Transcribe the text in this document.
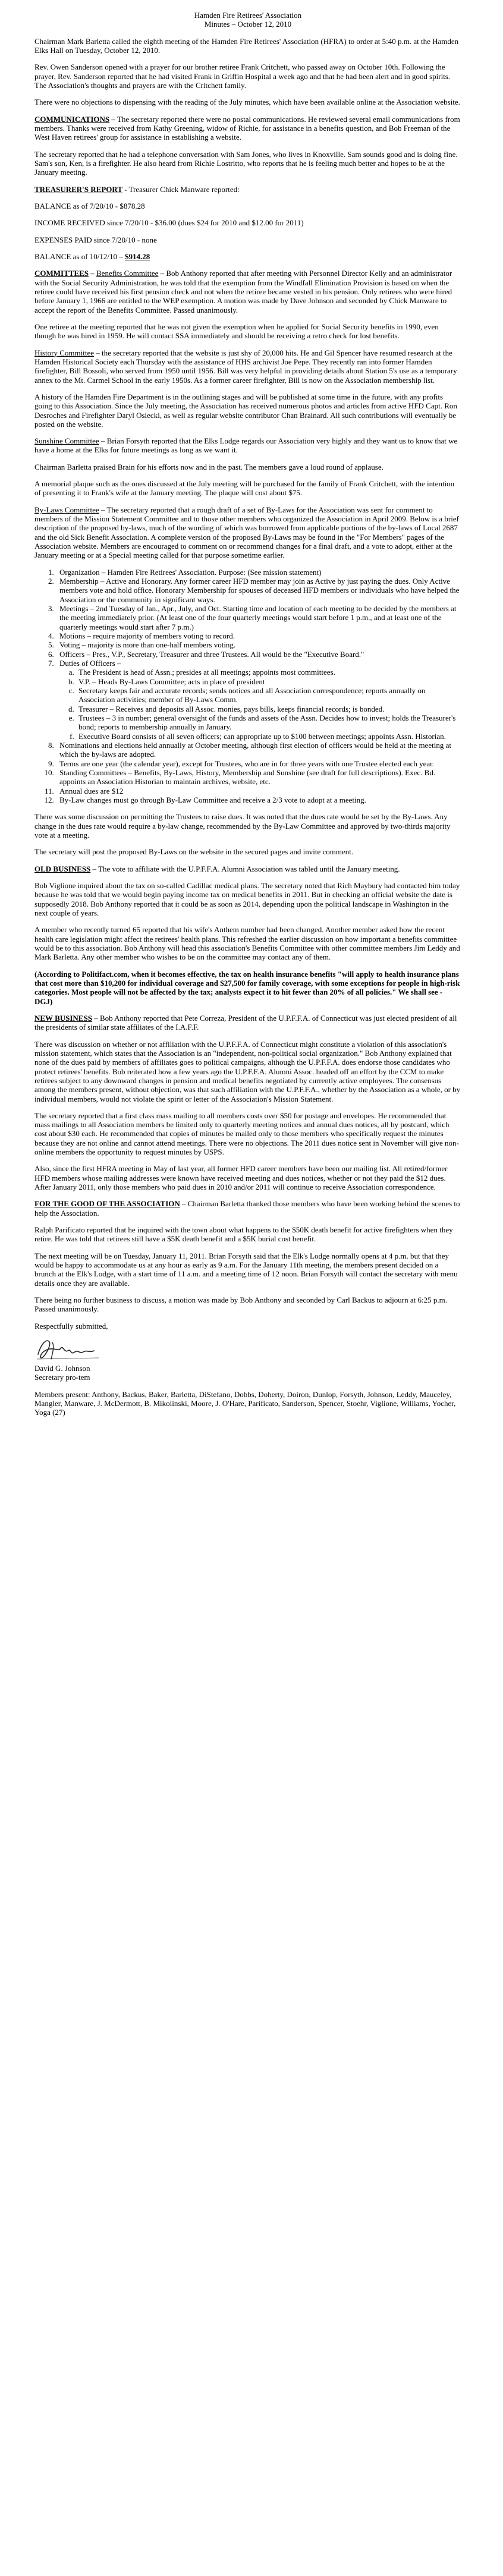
Hamden Fire Retirees' Association
Minutes – October 12, 2010

Chairman Mark Barletta called the eighth meeting of the Hamden Fire Retirees' Association (HFRA) to order at 5:40 p.m. at the Hamden Elks Hall on Tuesday, October 12, 2010.

Rev. Owen Sanderson opened with a prayer for our brother retiree Frank Critchett, who passed away on October 10th. Following the prayer, Rev. Sanderson reported that he had visited Frank in Griffin Hospital a week ago and that he had been alert and in good spirits. The Association's thoughts and prayers are with the Critchett family.

There were no objections to dispensing with the reading of the July minutes, which have been available online at the Association website.

COMMUNICATIONS – The secretary reported there were no postal communications. He reviewed several email communications from members. Thanks were received from Kathy Greening, widow of Richie, for assistance in a benefits question, and Bob Freeman of the West Haven retirees' group for assistance in establishing a website.

The secretary reported that he had a telephone conversation with Sam Jones, who lives in Knoxville. Sam sounds good and is doing fine. Sam's son, Ken, is a firefighter. He also heard from Richie Lostritto, who reports that he is feeling much better and hopes to be at the January meeting.

TREASURER'S REPORT - Treasurer Chick Manware reported:

BALANCE as of 7/20/10 - $878.28

INCOME RECEIVED since 7/20/10 - $36.00 (dues $24 for 2010 and $12.00 for 2011)

EXPENSES PAID since 7/20/10 - none

BALANCE as of 10/12/10 – $914.28

COMMITTEES – Benefits Committee – Bob Anthony reported that after meeting with Personnel Director Kelly and an administrator with the Social Security Administration, he was told that the exemption from the Windfall Elimination Provision is based on when the retiree could have received his first pension check and not when the retiree became vested in his pension. Only retirees who were hired before January 1, 1966 are entitled to the WEP exemption. A motion was made by Dave Johnson and seconded by Chick Manware to accept the report of the Benefits Committee. Passed unanimously.

One retiree at the meeting reported that he was not given the exemption when he applied for Social Security benefits in 1990, even though he was hired in 1959. He will contact SSA immediately and should be receiving a retro check for lost benefits.

History Committee – the secretary reported that the website is just shy of 20,000 hits. He and Gil Spencer have resumed research at the Hamden Historical Society each Thursday with the assistance of HHS archivist Joe Pepe. They recently ran into former Hamden firefighter, Bill Bossoli, who served from 1950 until 1956. Bill was very helpful in providing details about Station 5's use as a temporary annex to the Mt. Carmel School in the early 1950s. As a former career firefighter, Bill is now on the Association membership list.

A history of the Hamden Fire Department is in the outlining stages and will be published at some time in the future, with any profits going to this Association. Since the July meeting, the Association has received numerous photos and articles from active HFD Capt. Ron Desroches and Firefighter Daryl Osiecki, as well as regular website contributor Chan Brainard. All such contributions will eventually be posted on the website.

Sunshine Committee – Brian Forsyth reported that the Elks Lodge regards our Association very highly and they want us to know that we have a home at the Elks for future meetings as long as we want it.

Chairman Barletta praised Brain for his efforts now and in the past. The members gave a loud round of applause.

A memorial plaque such as the ones discussed at the July meeting will be purchased for the family of Frank Critchett, with the intention of presenting it to Frank's wife at the January meeting. The plaque will cost about $75.

By-Laws Committee – The secretary reported that a rough draft of a set of By-Laws for the Association was sent for comment to members of the Mission Statement Committee and to those other members who organized the Association in April 2009. Below is a brief description of the proposed by-laws, much of the wording of which was borrowed from applicable portions of the by-laws of Local 2687 and the old Sick Benefit Association. A complete version of the proposed By-Laws may be found in the "For Members" pages of the Association website. Members are encouraged to comment on or recommend changes for a final draft, and a vote to adopt, either at the January meeting or at a Special meeting called for that purpose sometime earlier.

1. Organization – Hamden Fire Retirees' Association. Purpose: (See mission statement)
2. Membership – Active and Honorary. Any former career HFD member may join as Active by just paying the dues. Only Active members vote and hold office. Honorary Membership for spouses of deceased HFD members or individuals who have helped the Association or the community in significant ways.
3. Meetings – 2nd Tuesday of Jan., Apr., July, and Oct. Starting time and location of each meeting to be decided by the members at the meeting immediately prior. (At least one of the four quarterly meetings would start before 1 p.m., and at least one of the quarterly meetings would start after 7 p.m.)
4. Motions – require majority of members voting to record.
5. Voting – majority is more than one-half members voting.
6. Officers – Pres., V.P., Secretary, Treasurer and three Trustees. All would be the "Executive Board."
7. Duties of Officers –
a. The President is head of Assn.; presides at all meetings; appoints most committees.
b. V.P. – Heads By-Laws Committee; acts in place of president
c. Secretary keeps fair and accurate records; sends notices and all Association correspondence; reports annually on Association activities; member of By-Laws Comm.
d. Treasurer – Receives and deposits all Assoc. monies, pays bills, keeps financial records; is bonded.
e. Trustees – 3 in number; general oversight of the funds and assets of the Assn. Decides how to invest; holds the Treasurer's bond; reports to membership annually in January.
f. Executive Board consists of all seven officers; can appropriate up to $100 between meetings; appoints Assn. Historian.
8. Nominations and elections held annually at October meeting, although first election of officers would be held at the meeting at which the by-laws are adopted.
9. Terms are one year (the calendar year), except for Trustees, who are in for three years with one Trustee elected each year.
10. Standing Committees – Benefits, By-Laws, History, Membership and Sunshine (see draft for full descriptions). Exec. Bd. appoints an Association Historian to maintain archives, website, etc.
11. Annual dues are $12
12. By-Law changes must go through By-Law Committee and receive a 2/3 vote to adopt at a meeting.

There was some discussion on permitting the Trustees to raise dues. It was noted that the dues rate would be set by the By-Laws. Any change in the dues rate would require a by-law change, recommended by the By-Law Committee and approved by two-thirds majority vote at a meeting.

The secretary will post the proposed By-Laws on the website in the secured pages and invite comment.

OLD BUSINESS – The vote to affiliate with the U.P.F.F.A. Alumni Association was tabled until the January meeting.

Bob Viglione inquired about the tax on so-called Cadillac medical plans. The secretary noted that Rich Maybury had contacted him today because he was told that we would begin paying income tax on medical benefits in 2011. But in checking an official website the date is supposedly 2018. Bob Anthony reported that it could be as soon as 2014, depending upon the political landscape in Washington in the next couple of years.

A member who recently turned 65 reported that his wife's Anthem number had been changed. Another member asked how the recent health care legislation might affect the retirees' health plans. This refreshed the earlier discussion on how important a benefits committee would be to this association. Bob Anthony will head this association's Benefits Committee with other committee members Jim Leddy and Mark Barletta. Any other member who wishes to be on the committee may contact any of them.

(According to Politifact.com, when it becomes effective, the tax on health insurance benefits "will apply to health insurance plans that cost more than $10,200 for individual coverage and $27,500 for family coverage, with some exceptions for people in high-risk categories. Most people will not be affected by the tax; analysts expect it to hit fewer than 20% of all policies." We shall see - DGJ)

NEW BUSINESS – Bob Anthony reported that Pete Correza, President of the U.P.F.F.A. of Connecticut was just elected president of all the presidents of similar state affiliates of the I.A.F.F.

There was discussion on whether or not affiliation with the U.P.F.F.A. of Connecticut might constitute a violation of this association's mission statement, which states that the Association is an "independent, non-political social organization." Bob Anthony explained that none of the dues paid by members of affiliates goes to political campaigns, although the U.P.F.F.A. does endorse those candidates who protect retirees' benefits. Bob reiterated how a few years ago the U.P.F.F.A. Alumni Assoc. headed off an effort by the CCM to make retirees subject to any downward changes in pension and medical benefits negotiated by currently active employees. The consensus among the members present, without objection, was that such affiliation with the U.P.F.F.A., whether by the Association as a whole, or by individual members, would not violate the spirit or letter of the Association's Mission Statement.

The secretary reported that a first class mass mailing to all members costs over $50 for postage and envelopes. He recommended that mass mailings to all Association members be limited only to quarterly meeting notices and annual dues notices, all by postcard, which cost about $30 each. He recommended that copies of minutes be mailed only to those members who specifically request the minutes because they are not online and cannot attend meetings. There were no objections. The 2011 dues notice sent in November will give non-online members the opportunity to request minutes by USPS.

Also, since the first HFRA meeting in May of last year, all former HFD career members have been our mailing list. All retired/former HFD members whose mailing addresses were known have received meeting and dues notices, whether or not they paid the $12 dues. After January 2011, only those members who paid dues in 2010 and/or 2011 will continue to receive Association correspondence.

FOR THE GOOD OF THE ASSOCIATION – Chairman Barletta thanked those members who have been working behind the scenes to help the Association.

Ralph Parificato reported that he inquired with the town about what happens to the $50K death benefit for active firefighters when they retire. He was told that retirees still have a $5K death benefit and a $5K burial cost benefit.

The next meeting will be on Tuesday, January 11, 2011. Brian Forsyth said that the Elk's Lodge normally opens at 4 p.m. but that they would be happy to accommodate us at any hour as early as 9 a.m. For the January 11th meeting, the members present decided on a brunch at the Elk's Lodge, with a start time of 11 a.m. and a meeting time of 12 noon. Brian Forsyth will contact the secretary with menu details once they are available.

There being no further business to discuss, a motion was made by Bob Anthony and seconded by Carl Backus to adjourn at 6:25 p.m. Passed unanimously.

Respectfully submitted,

David G. Johnson

Secretary pro-tem

Members present: Anthony, Backus, Baker, Barletta, DiStefano, Dobbs, Doherty, Doiron, Dunlop, Forsyth, Johnson, Leddy, Mauceley, Mangler, Manware, J. McDermott, B. Mikolinski, Moore, J. O'Hare, Parificato, Sanderson, Spencer, Stoehr, Viglione, Williams, Yocher, Yoga (27)
